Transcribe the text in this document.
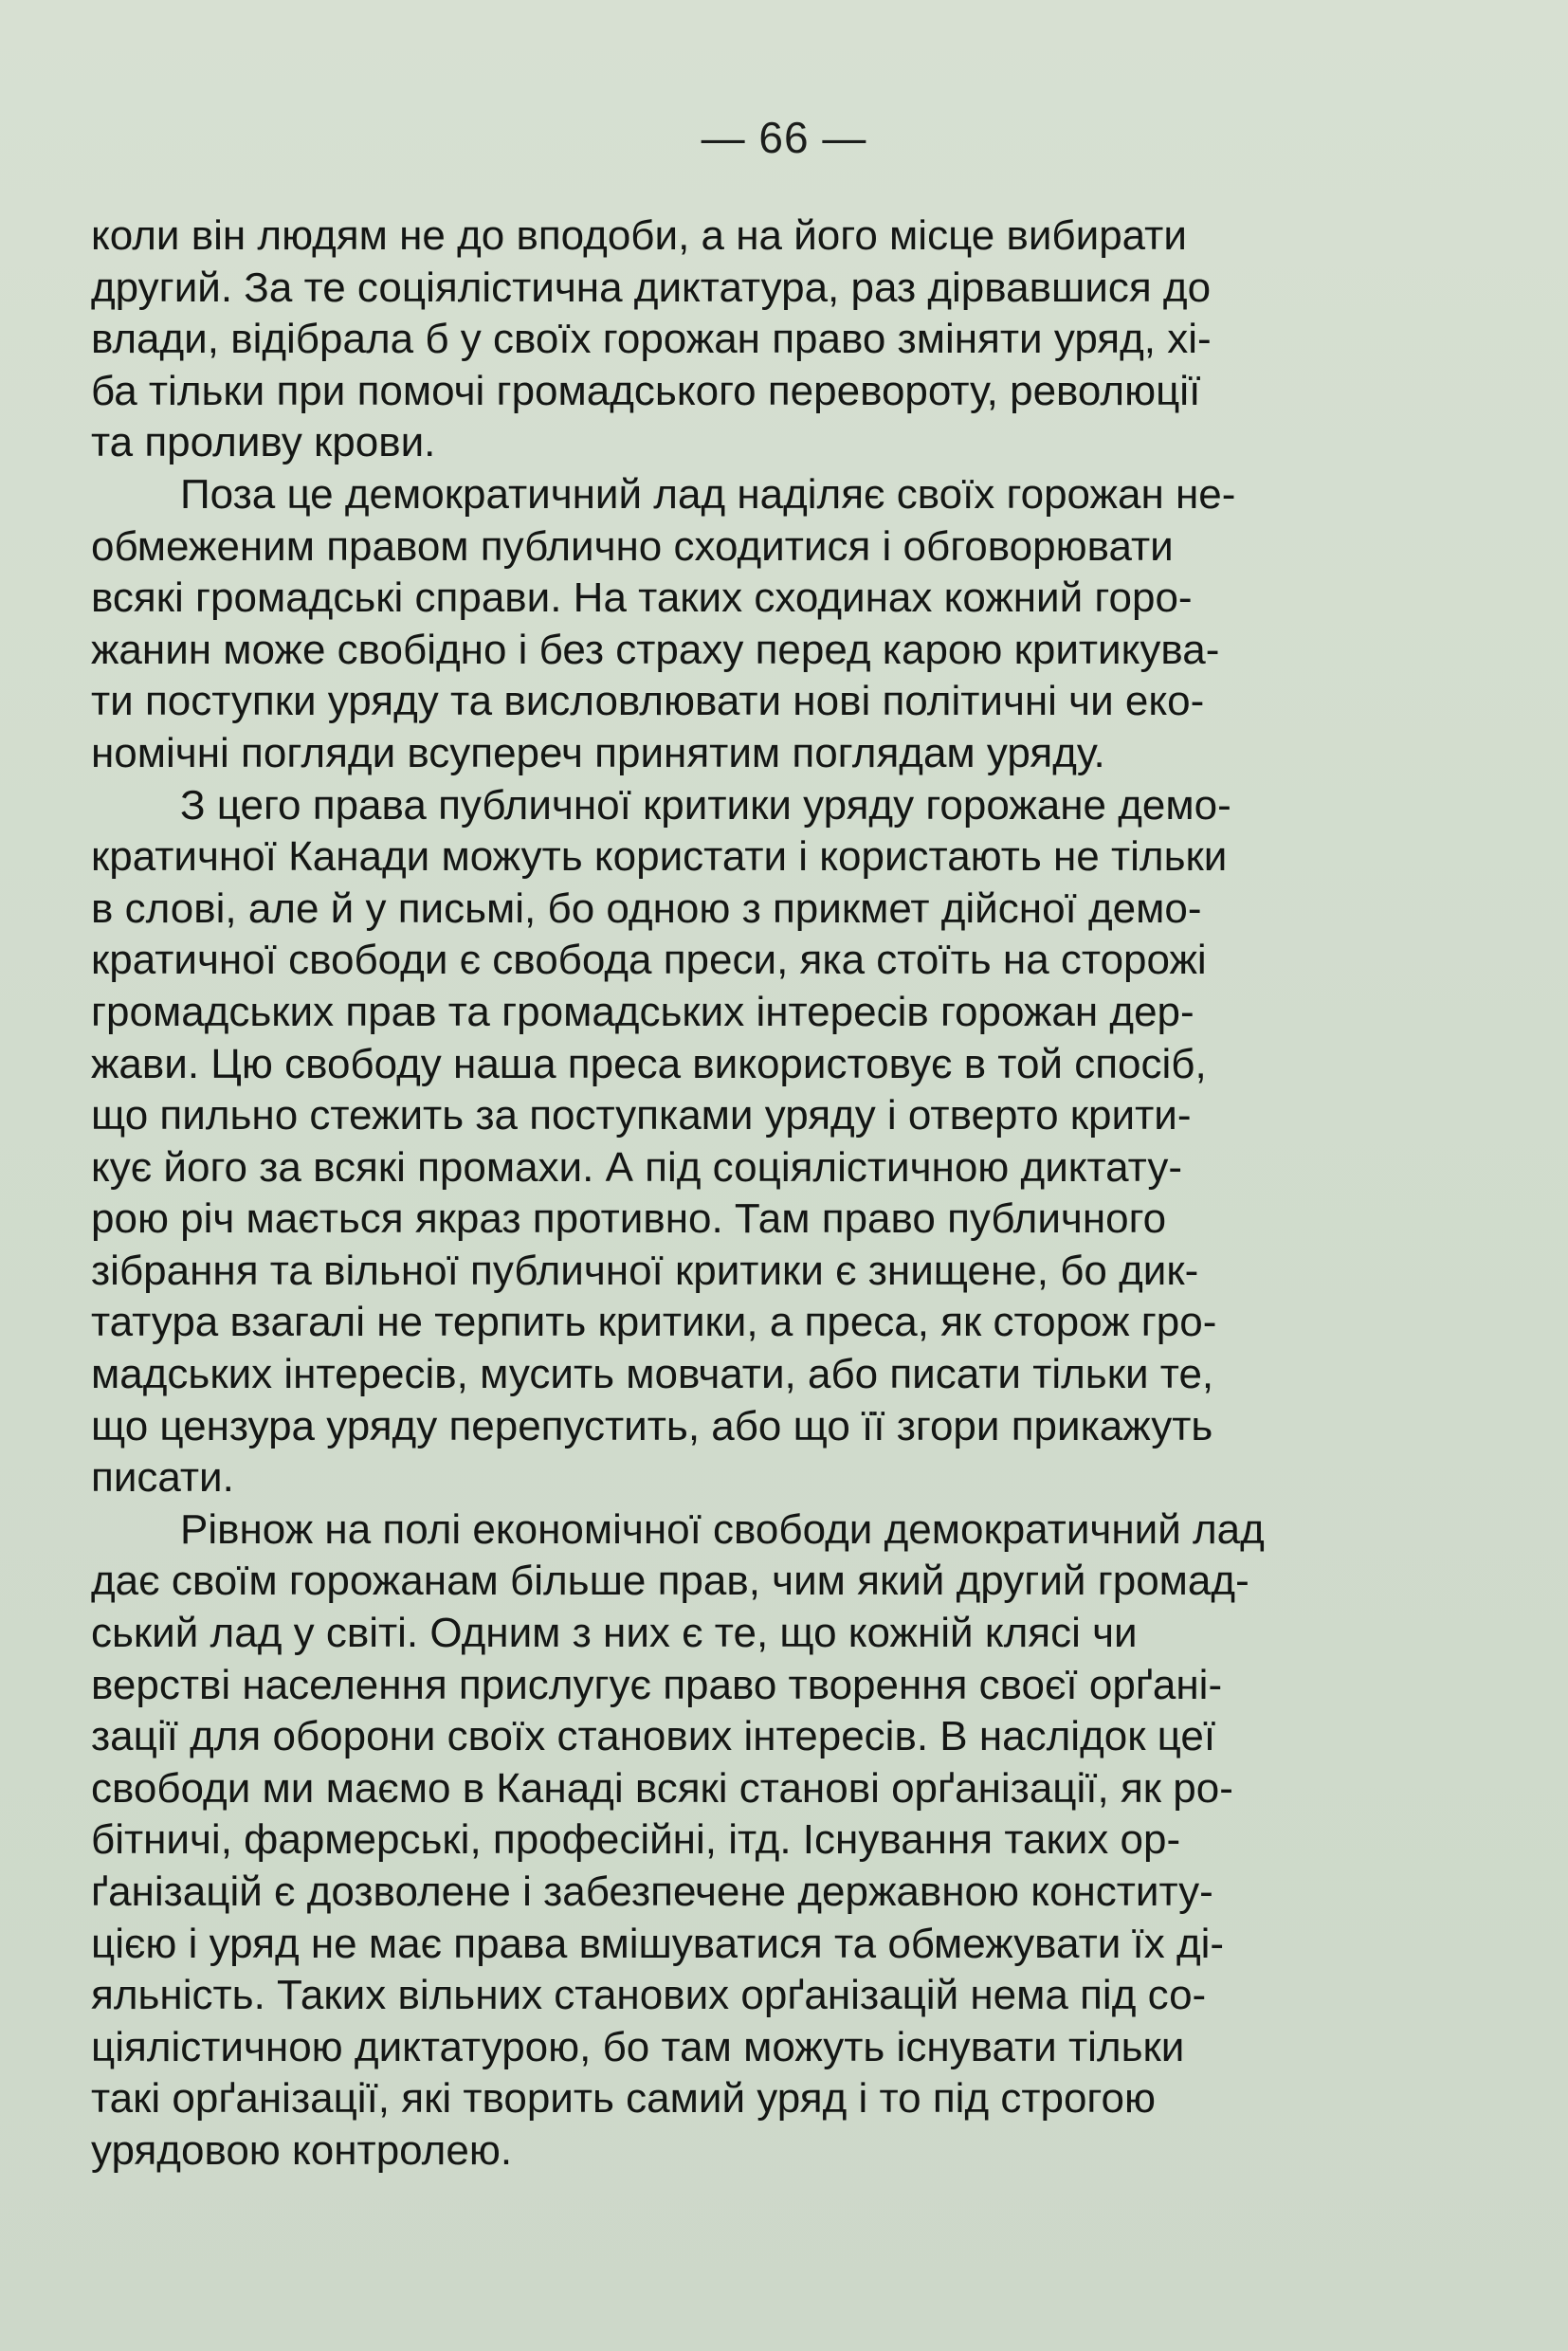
— 66 —
коли він людям не до вподоби, а на його місце вибирати
другий. За те соціялістична диктатура, раз дірвавшися до
влади, відібрала б у своїх горожан право зміняти уряд, хі-
ба тільки при помочі громадського перевороту, революції
та проливу крови.
Поза це демократичний лад наділяє своїх горожан не-
обмеженим правом публично сходитися і обговорювати
всякі громадські справи. На таких сходинах кожний горо-
жанин може свобідно і без страху перед карою критикува-
ти поступки уряду та висловлювати нові політичні чи еко-
номічні погляди всупереч принятим поглядам уряду.
З цего права публичної критики уряду горожане демо-
кратичної Канади можуть користати і користають не тільки
в слові, але й у письмі, бо одною з прикмет дійсної демо-
кратичної свободи є свобода преси, яка стоїть на сторожі
громадських прав та громадських інтересів горожан дер-
жави. Цю свободу наша преса використовує в той спосіб,
що пильно стежить за поступками уряду і отверто крити-
кує його за всякі промахи. А під соціялістичною диктату-
рою річ мається якраз противно. Там право публичного
зібрання та вільної публичної критики є знищене, бо дик-
татура взагалі не терпить критики, а преса, як сторож гро-
мадських інтересів, мусить мовчати, або писати тільки те,
що цензура уряду перепустить, або що її згори прикажуть
писати.
Рівнож на полі економічної свободи демократичний лад
дає своїм горожанам більше прав, чим який другий громад-
ський лад у світі. Одним з них є те, що кожній клясі чи
верстві населення прислугує право творення своєї орґані-
зації для оборони своїх станових інтересів. В наслідок цеї
свободи ми маємо в Канаді всякі станові орґанізації, як ро-
бітничі, фармерські, професійні, ітд. Існування таких ор-
ґанізацій є дозволене і забезпечене державною конститу-
цією і уряд не має права вмішуватися та обмежувати їх ді-
яльність. Таких вільних станових орґанізацій нема під со-
ціялістичною диктатурою, бо там можуть існувати тільки
такі орґанізації, які творить самий уряд і то під строгою
урядовою контролею.
